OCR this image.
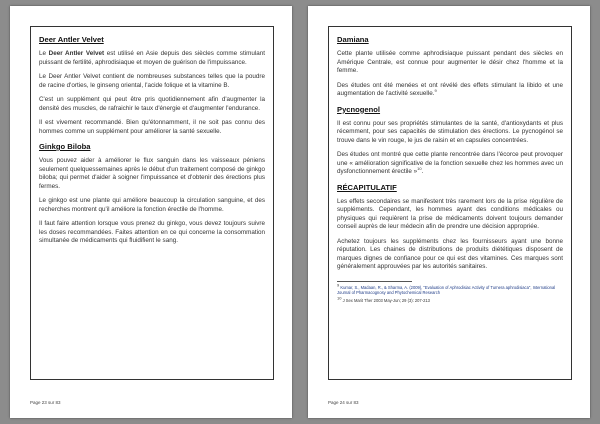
Deer Antler Velvet

Le Deer Antler Velvet est utilisé en Asie depuis des siècles comme stimulant puissant de fertilité, aphrodisiaque et moyen de guérison de l'impuissance.

Le Deer Antler Velvet contient de nombreuses substances telles que la poudre de racine d'orties, le ginseng oriental, l'acide folique et la vitamine B.

C'est un supplément qui peut être pris quotidiennement afin d'augmenter la densité des muscles, de rafraichir le taux d'énergie et d'augmenter l'endurance.

Il est vivement recommandé. Bien qu'étonnamment, il ne soit pas connu des hommes comme un supplément pour améliorer la santé sexuelle.

Ginkgo Biloba

Vous pouvez aider à améliorer le flux sanguin dans les vaisseaux péniens seulement quelquessemaines après le début d'un traitement composé de ginkgo biloba; qui permet d'aider à soigner l'impuissance et d'obtenir des érections plus fermes.

Le ginkgo est une plante qui améliore beaucoup la circulation sanguine, et des recherches montrent qu'il améliore la fonction érectile de l'homme.

Il faut faire attention lorsque vous prenez du ginkgo, vous devez toujours suivre les doses recommandées. Faites attention en ce qui concerne la consommation simultanée de médicaments qui fluidifient le sang.

Page 23 sur 83
Damiana

Cette plante utilisée comme aphrodisiaque puissant pendant des siècles en Amérique Centrale, est connue pour augmenter le désir chez l'homme et la femme.

Des études ont été menées et ont révélé des effets stimulant la libido et une augmentation de l'activité sexuelle.$^9$

Pycnogenol

Il est connu pour ses propriétés stimulantes de la santé, d'antioxydants et plus récemment, pour ses capacités de stimulation des érections. Le pycnogénol se trouve dans le vin rouge, le jus de raisin et en capsules concentrées.

Des études ont montré que cette plante rencontrée dans l'écorce peut provoquer une « amélioration significative de la fonction sexuelle chez les hommes avec un dysfonctionnement érectile »$^{10}$.

RÉCAPITULATIF

Les effets secondaires se manifestent très rarement lors de la prise régulière de suppléments. Cependant, les hommes ayant des conditions médicales ou physiques qui requièrent la prise de médicaments doivent toujours demander conseil auprès de leur médecin afin de prendre une décision appropriée.

Achetez toujours les suppléments chez les fournisseurs ayant une bonne réputation. Les chaines de distributions de produits diététiques disposent de marques dignes de confiance pour ce qui est des vitamines. Ces marques sont généralement approuvées par les autorités sanitaires.

$^9$ Kumar, S., Madaan, R., & Sharma, A. (2009), "Evaluation of Aphrodisiac Activity of Turnera aphrodisiaca", International Journal of Pharmacognosy and Phytochemical Research

$^{10}$ J Sex Marit Ther 2003 May-Jun; 29 (3): 207-213

Page 24 sur 83
